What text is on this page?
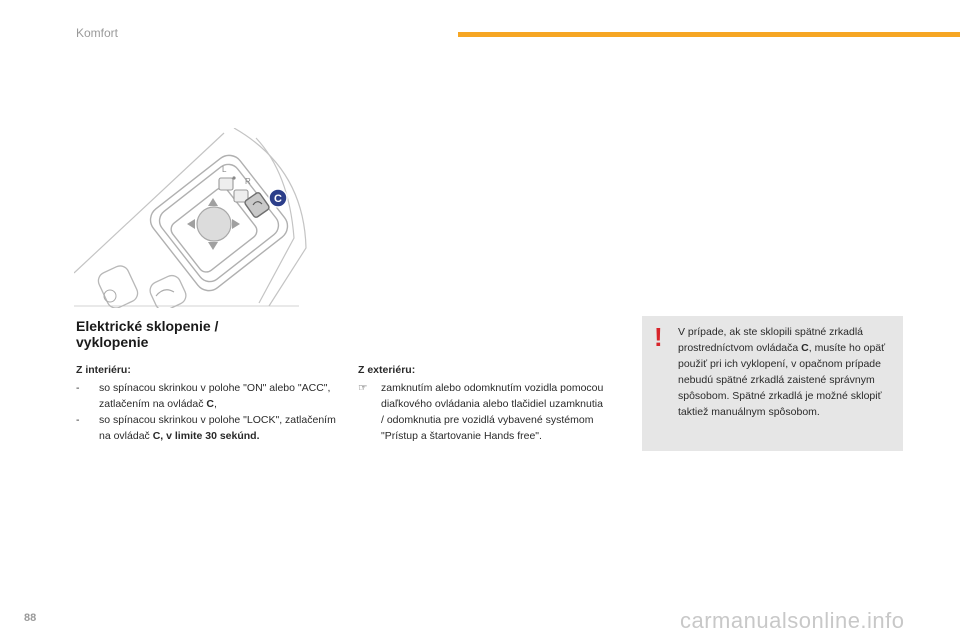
Komfort
L
R
C
Elektrické sklopenie /
vyklopenie
Z interiéru:
- so spínacou skrinkou v polohe "ON" alebo "ACC", zatlačením na ovládač C,
- so spínacou skrinkou v polohe "LOCK", zatlačením na ovládač C, v limite 30 sekúnd.
Z exteriéru:
☞ zamknutím alebo odomknutím vozidla pomocou diaľkového ovládania alebo tlačidiel uzamknutia / odomknutia pre vozidlá vybavené systémom "Prístup a štartovanie Hands free".
! V prípade, ak ste sklopili spätné zrkadlá prostredníctvom ovládača C, musíte ho opäť použiť pri ich vyklopení, v opačnom prípade nebudú spätné zrkadlá zaistené správnym spôsobom. Spätné zrkadlá je možné sklopiť taktiež manuálnym spôsobom.
88	carmanualsonline.info
